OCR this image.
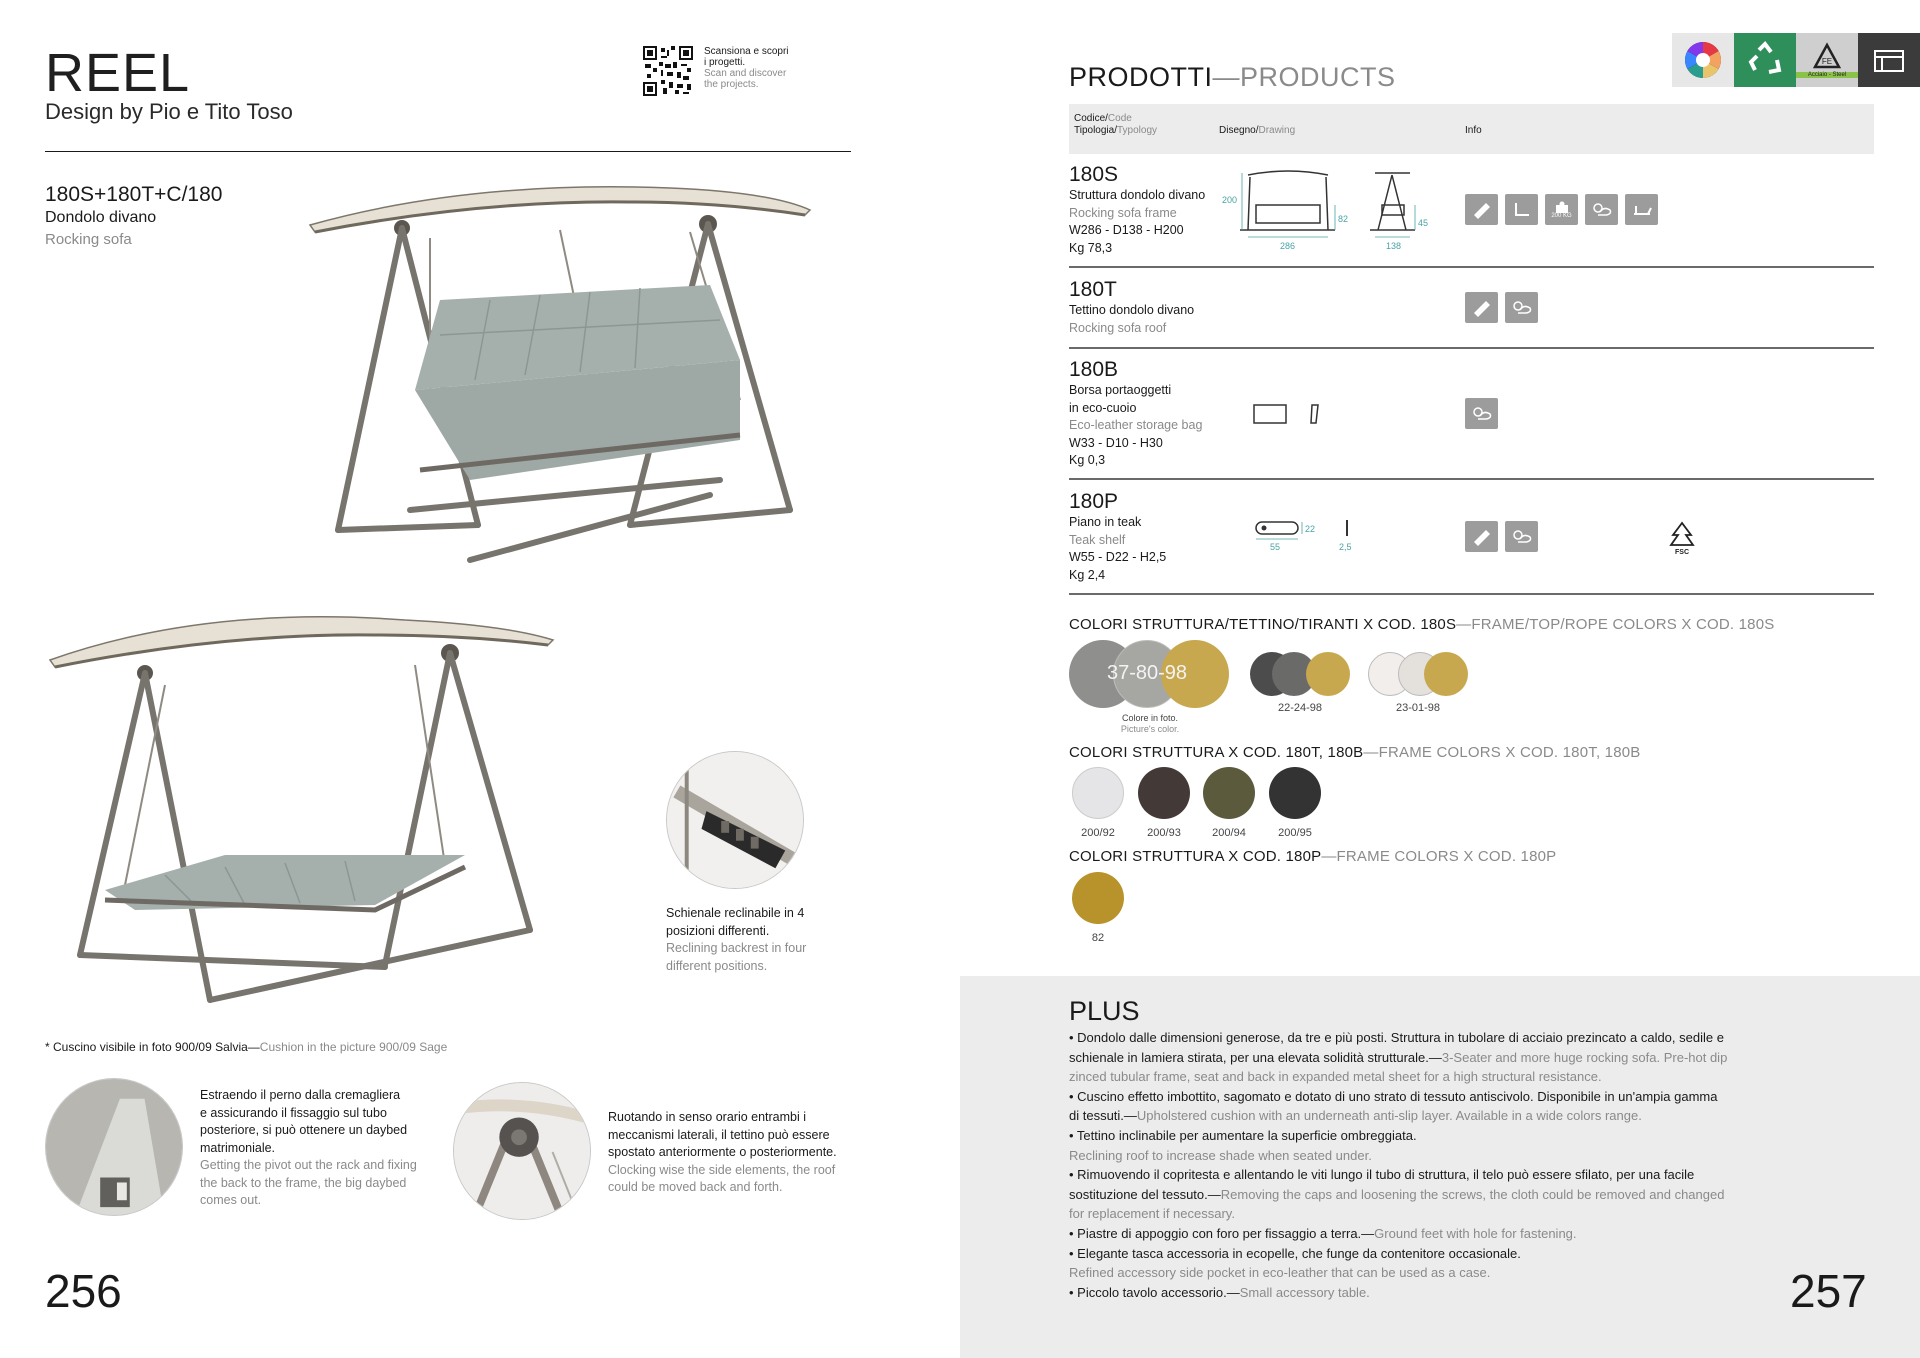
REEL
Design by Pio e Tito Toso
Scansiona e scopri
i progetti.
Scan and discover
the projects.
180S+180T+C/180
Dondolo divano
Rocking sofa
Schienale reclinabile in 4
posizioni differenti.
Reclining backrest in four
different positions.
* Cuscino visibile in foto 900/09 Salvia—Cushion in the picture 900/09 Sage
Estraendo il perno dalla cremagliera
e assicurando il fissaggio sul tubo
posteriore, si può ottenere un daybed
matrimoniale.
Getting the pivot out the rack and fixing
the back to the frame, the big daybed
comes out.
Ruotando in senso orario entrambi i
meccanismi laterali, il tettino può essere
spostato anteriormente o posteriormente.
Clocking wise the side elements, the roof
could be moved back and forth.
256
PRODOTTI—PRODUCTS
FE
Acciaio - Steel
Codice/Code
Tipologia/Typology	Disegno/Drawing	Info
180S
Struttura dondolo divano
Rocking sofa frame
W286 - D138 - H200
Kg 78,3
200
82	45
286	138
200 KG
180T
Tettino dondolo divano
Rocking sofa roof
180B
Borsa portaoggetti
in eco-cuoio
Eco-leather storage bag
W33 - D10 - H30
Kg 0,3
180P
Piano in teak
Teak shelf
W55 - D22 - H2,5
Kg 2,4
22
55	2,5
FSC
COLORI STRUTTURA/TETTINO/TIRANTI X COD. 180S—FRAME/TOP/ROPE COLORS X COD. 180S
37-80-98
Colore in foto.
Picture's color.
22-24-98	23-01-98
COLORI STRUTTURA X COD. 180T, 180B—FRAME COLORS X COD. 180T, 180B
200/92	200/93	200/94	200/95
COLORI STRUTTURA X COD. 180P—FRAME COLORS X COD. 180P
82
PLUS
• Dondolo dalle dimensioni generose, da tre e più posti. Struttura in tubolare di acciaio prezincato a caldo, sedile e schienale in lamiera stirata, per una elevata solidità strutturale.—3-Seater and more huge rocking sofa. Pre-hot dip zinced tubular frame, seat and back in expanded metal sheet for a high structural resistance.
• Cuscino effetto imbottito, sagomato e dotato di uno strato di tessuto antiscivolo. Disponibile in un'ampia gamma di tessuti.—Upholstered cushion with an underneath anti-slip layer. Available in a wide colors range.
• Tettino inclinabile per aumentare la superficie ombreggiata.
Reclining roof to increase shade when seated under.
• Rimuovendo il copritesta e allentando le viti lungo il tubo di struttura, il telo può essere sfilato, per una facile sostituzione del tessuto.—Removing the caps and loosening the screws, the cloth could be removed and changed for replacement if necessary.
• Piastre di appoggio con foro per fissaggio a terra.—Ground feet with hole for fastening.
• Elegante tasca accessoria in ecopelle, che funge da contenitore occasionale.
Refined accessory side pocket in eco-leather that can be used as a case.
• Piccolo tavolo accessorio.—Small accessory table.	257
